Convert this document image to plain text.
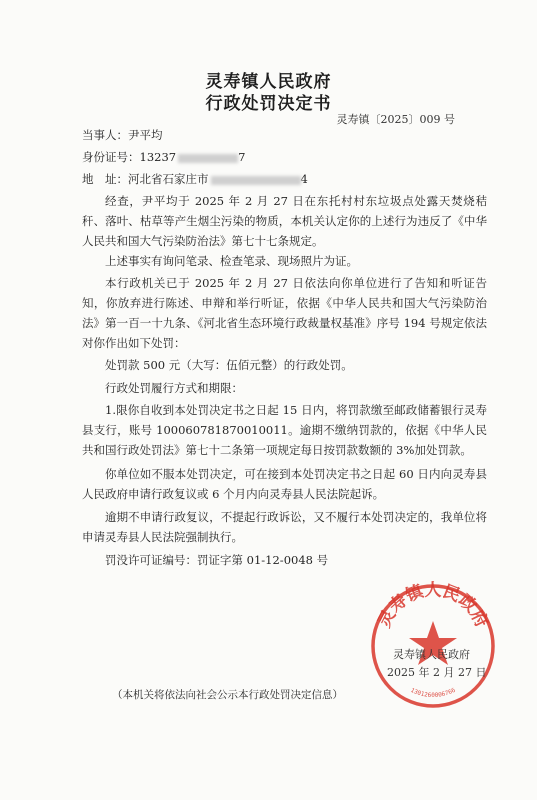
灵寿镇人民政府
行政处罚决定书
灵寿镇〔2025〕009 号
当事人：尹平均
身份证号：13237	7
地　址：河北省石家庄市	4
经查，尹平均于 2025 年 2 月 27 日在东托村村东垃圾点处露天焚烧秸秆、落叶、枯草等产生烟尘污染的物质，本机关认定你的上述行为违反了《中华人民共和国大气污染防治法》第七十七条规定。
上述事实有询问笔录、检查笔录、现场照片为证。
本行政机关已于 2025 年 2 月 27 日依法向你单位进行了告知和听证告知，你放弃进行陈述、申辩和举行听证，依据《中华人民共和国大气污染防治法》第一百一十九条、《河北省生态环境行政裁量权基准》序号 194 号规定依法对你作出如下处罚：
处罚款 500 元（大写：伍佰元整）的行政处罚。
行政处罚履行方式和期限：
1.限你自收到本处罚决定书之日起 15 日内，将罚款缴至邮政储蓄银行灵寿县支行，账号 100060781870010011。逾期不缴纳罚款的，依据《中华人民共和国行政处罚法》第七十二条第一项规定每日按罚款数额的 3%加处罚款。
你单位如不服本处罚决定，可在接到本处罚决定书之日起 60 日内向灵寿县人民政府申请行政复议或 6 个月内向灵寿县人民法院起诉。
逾期不申请行政复议，不提起行政诉讼，又不履行本处罚决定的，我单位将申请灵寿县人民法院强制执行。
罚没许可证编号：罚证字第 01-12-0048 号
灵寿镇人民政府
1301260006766
灵寿镇人民政府
2025 年 2 月 27 日
（本机关将依法向社会公示本行政处罚决定信息）
